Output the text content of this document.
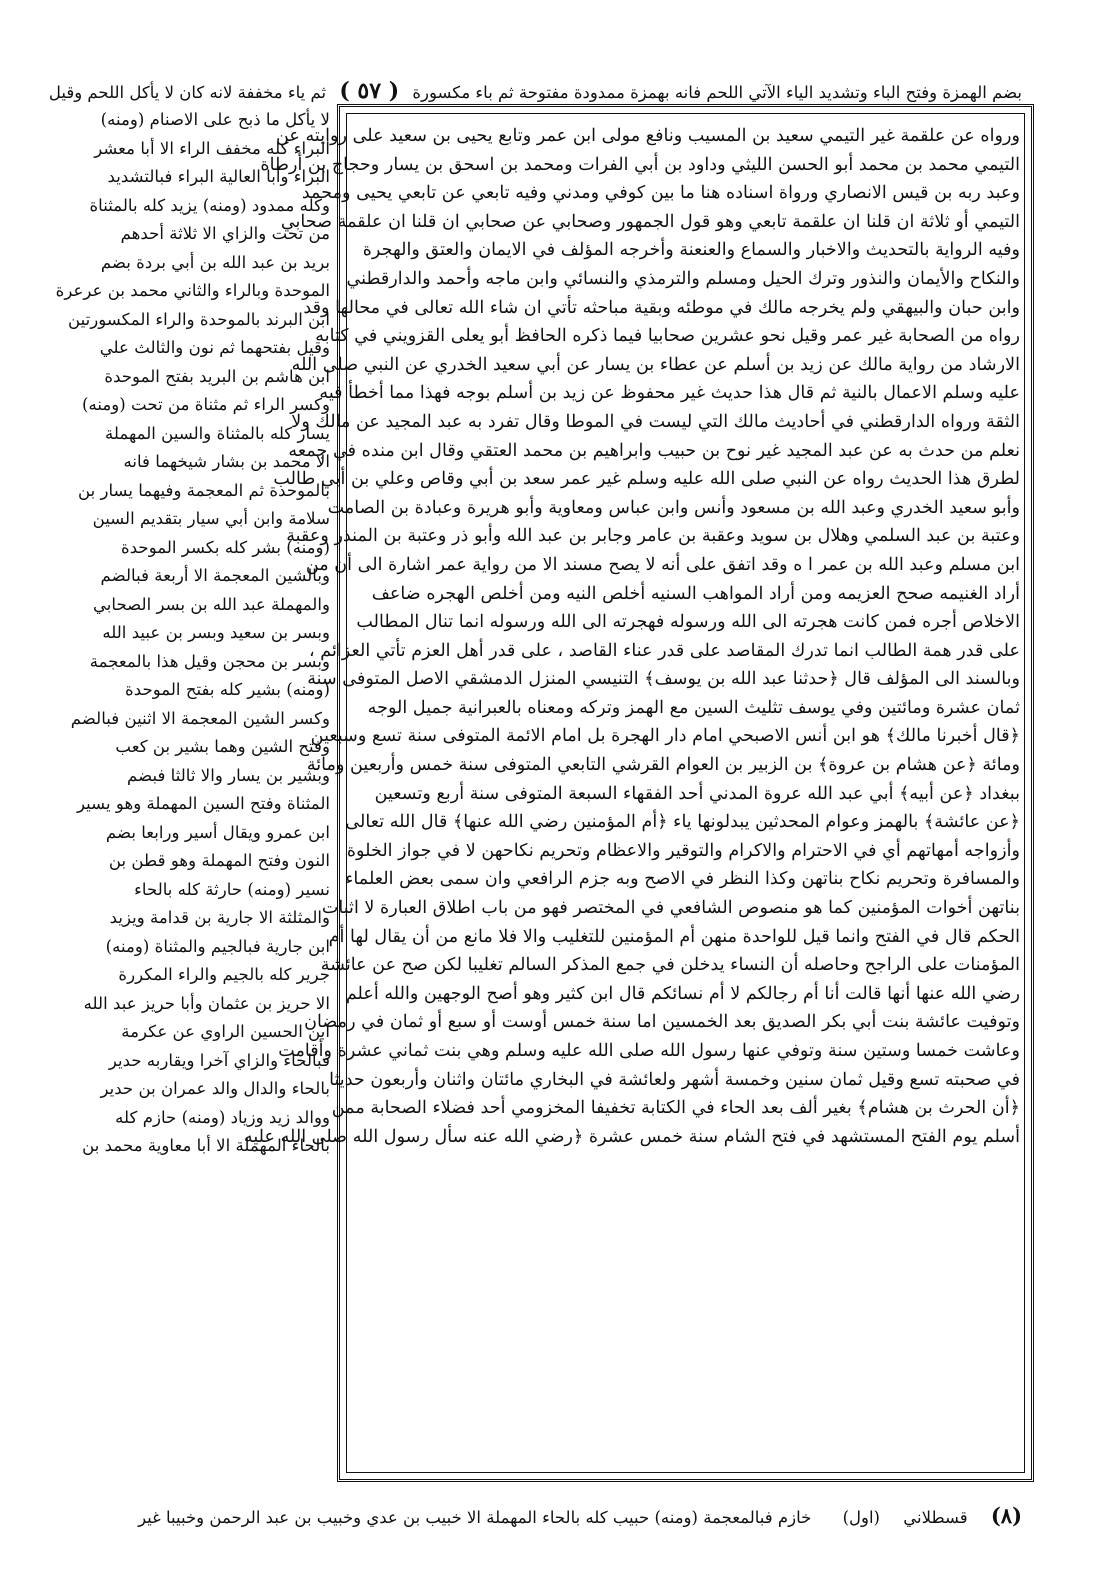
بضم الهمزة وفتح الباء وتشديد الياء الآتي اللحم فانه بهمزة ممدودة مفتوحة ثم باء مكسورة ( ٥٧ ) ثم ياء مخففة لانه كان لا يأكل اللحم وقيل
ورواه عن علقمة غير التيمي سعيد بن المسيب ونافع مولى ابن عمر وتابع يحيى بن سعيد على روايته عن
التيمي محمد بن محمد أبو الحسن الليثي وداود بن أبي الفرات ومحمد بن اسحق بن يسار وحجاج بن أرطاة
وعبد ربه بن قيس الانصاري ورواة اسناده هنا ما بين كوفي ومدني وفيه تابعي عن تابعي يحيى ومحمد
التيمي أو ثلاثة ان قلنا ان علقمة تابعي وهو قول الجمهور وصحابي عن صحابي ان قلنا ان علقمة صحابي
وفيه الرواية بالتحديث والاخبار والسماع والعنعنة وأخرجه المؤلف في الايمان والعتق والهجرة
والنكاح والأيمان والنذور وترك الحيل ومسلم والترمذي والنسائي وابن ماجه وأحمد والدارقطني
وابن حبان والبيهقي ولم يخرجه مالك في موطئه وبقية مباحثه تأتي ان شاء الله تعالى في محالها وقد
رواه من الصحابة غير عمر وقيل نحو عشرين صحابيا فيما ذكره الحافظ أبو يعلى القزويني في كتابه
الارشاد من رواية مالك عن زيد بن أسلم عن عطاء بن يسار عن أبي سعيد الخدري عن النبي صلى الله
عليه وسلم الاعمال بالنية ثم قال هذا حديث غير محفوظ عن زيد بن أسلم بوجه فهذا مما أخطأ فيه
الثقة ورواه الدارقطني في أحاديث مالك التي ليست في الموطا وقال تفرد به عبد المجيد عن مالك ولا
نعلم من حدث به عن عبد المجيد غير نوح بن حبيب وابراهيم بن محمد العتقي وقال ابن منده في جمعه
لطرق هذا الحديث رواه عن النبي صلى الله عليه وسلم غير عمر سعد بن أبي وقاص وعلي بن أبي طالب
وأبو سعيد الخدري وعبد الله بن مسعود وأنس وابن عباس ومعاوية وأبو هريرة وعبادة بن الصامت
وعتبة بن عبد السلمي وهلال بن سويد وعقبة بن عامر وجابر بن عبد الله وأبو ذر وعتبة بن المنذر وعقبة
ابن مسلم وعبد الله بن عمر ا ه وقد اتفق على أنه لا يصح مسند الا من رواية عمر اشارة الى أن من
أراد الغنيمه صحح العزيمه ومن أراد المواهب السنيه أخلص النيه ومن أخلص الهجره ضاعف
الاخلاص أجره فمن كانت هجرته الى الله ورسوله فهجرته الى الله ورسوله انما تنال المطالب
على قدر همة الطالب انما تدرك المقاصد على قدر عناء القاصد ، على قدر أهل العزم تأتي العزائم ،
وبالسند الى المؤلف قال ﴿حدثنا عبد الله بن يوسف﴾ التنيسي المنزل الدمشقي الاصل المتوفى سنة
ثمان عشرة ومائتين وفي يوسف تثليث السين مع الهمز وتركه ومعناه بالعبرانية جميل الوجه
﴿قال أخبرنا مالك﴾ هو ابن أنس الاصبحي امام دار الهجرة بل امام الائمة المتوفى سنة تسع وسبعين
ومائة ﴿عن هشام بن عروة﴾ بن الزبير بن العوام القرشي التابعي المتوفى سنة خمس وأربعين ومائة
ببغداد ﴿عن أبيه﴾ أبي عبد الله عروة المدني أحد الفقهاء السبعة المتوفى سنة أربع وتسعين
﴿عن عائشة﴾ بالهمز وعوام المحدثين يبدلونها ياء ﴿أم المؤمنين رضي الله عنها﴾ قال الله تعالى
وأزواجه أمهاتهم أي في الاحترام والاكرام والتوقير والاعظام وتحريم نكاحهن لا في جواز الخلوة
والمسافرة وتحريم نكاح بناتهن وكذا النظر في الاصح وبه جزم الرافعي وان سمى بعض العلماء
بناتهن أخوات المؤمنين كما هو منصوص الشافعي في المختصر فهو من باب اطلاق العبارة لا اثبات
الحكم قال في الفتح وانما قيل للواحدة منهن أم المؤمنين للتغليب والا فلا مانع من أن يقال لها أم
المؤمنات على الراجح وحاصله أن النساء يدخلن في جمع المذكر السالم تغليبا لكن صح عن عائشة
رضي الله عنها أنها قالت أنا أم رجالكم لا أم نسائكم قال ابن كثير وهو أصح الوجهين والله أعلم
وتوفيت عائشة بنت أبي بكر الصديق بعد الخمسين اما سنة خمس أوست أو سبع أو ثمان في رمضان
وعاشت خمسا وستين سنة وتوفي عنها رسول الله صلى الله عليه وسلم وهي بنت ثماني عشرة وأقامت
في صحبته تسع وقيل ثمان سنين وخمسة أشهر ولعائشة في البخاري مائتان واثنان وأربعون حديثا
﴿أن الحرث بن هشام﴾ بغير ألف بعد الحاء في الكتابة تخفيفا المخزومي أحد فضلاء الصحابة ممن
أسلم يوم الفتح المستشهد في فتح الشام سنة خمس عشرة ﴿رضي الله عنه سأل رسول الله صلى الله عليه
لا يأكل ما ذبح على الاصنام (ومنه)
البراء كله مخفف الراء الا أبا معشر
البراء وأبا العالية البراء فبالتشديد
وكله ممدود (ومنه) يزيد كله بالمثناة
من تحت والزاي الا ثلاثة أحدهم
بريد بن عبد الله بن أبي بردة بضم
الموحدة وبالراء والثاني محمد بن عرعرة
ابن البرند بالموحدة والراء المكسورتين
وقيل بفتحهما ثم نون والثالث علي
ابن هاشم بن البريد بفتح الموحدة
وكسر الراء ثم مثناة من تحت (ومنه)
يسار كله بالمثناة والسين المهملة
الا محمد بن بشار شيخهما فانه
بالموحدة ثم المعجمة وفيهما يسار بن
سلامة وابن أبي سيار بتقديم السين
(ومنه) بشر كله بكسر الموحدة
وبالشين المعجمة الا أربعة فبالضم
والمهملة عبد الله بن بسر الصحابي
وبسر بن سعيد وبسر بن عبيد الله
وبسر بن محجن وقيل هذا بالمعجمة
(ومنه) بشير كله بفتح الموحدة
وكسر الشين المعجمة الا اثنين فبالضم
وفتح الشين وهما بشير بن كعب
وبشير بن يسار والا ثالثا فبضم
المثناة وفتح السين المهملة وهو يسير
ابن عمرو ويقال أسير ورابعا بضم
النون وفتح المهملة وهو قطن بن
نسير (ومنه) حارثة كله بالحاء
والمثلثة الا جارية بن قدامة ويزيد
ابن جارية فبالجيم والمثناة (ومنه)
جرير كله بالجيم والراء المكررة
الا حريز بن عثمان وأبا حريز عبد الله
ابن الحسين الراوي عن عكرمة
فبالحاء والزاي آخرا ويقاربه حدير
بالحاء والدال والد عمران بن حدير
ووالد زيد وزياد (ومنه) حازم كله
بالحاء المهملة الا أبا معاوية محمد بن
(٨) قسطلاني (اول) خازم فبالمعجمة (ومنه) حبيب كله بالحاء المهملة الا خبيب بن عدي وخبيب بن عبد الرحمن وخبيبا غير
